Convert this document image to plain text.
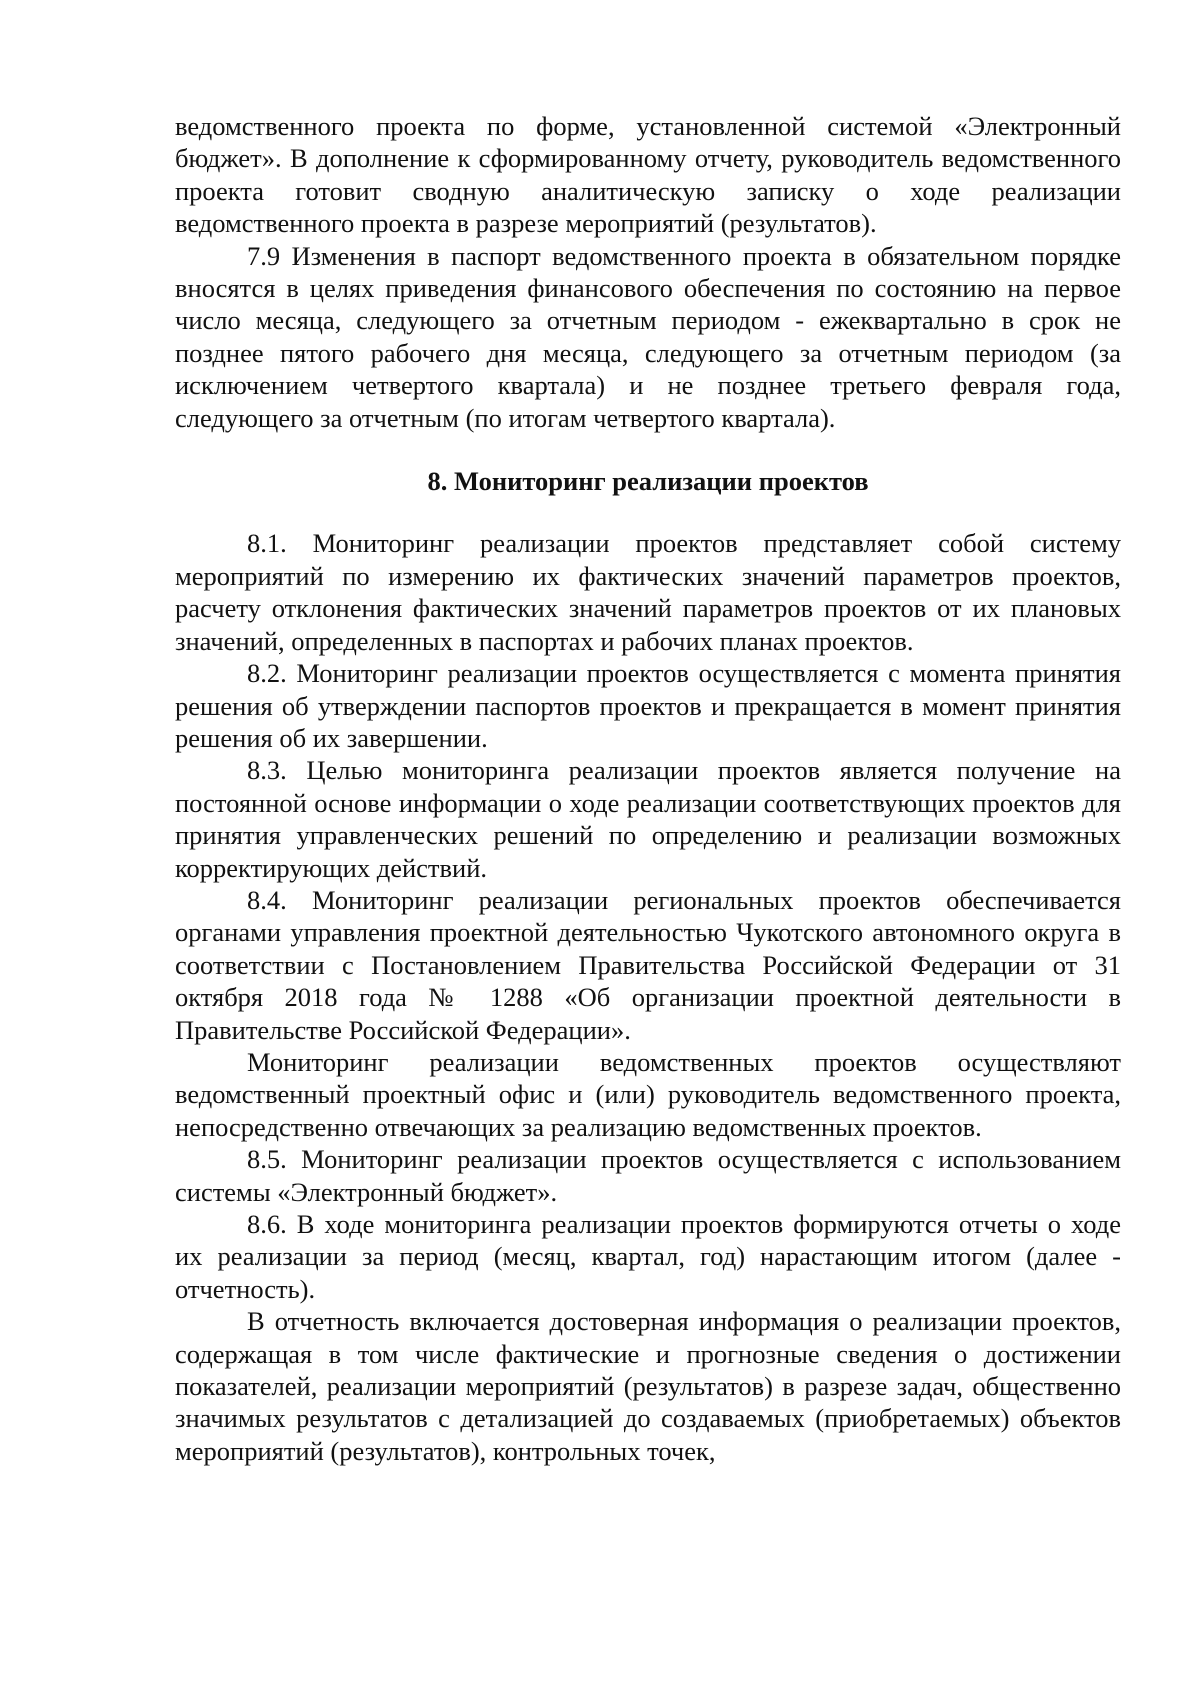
ведомственного проекта по форме, установленной системой «Электронный бюджет». В дополнение к сформированному отчету, руководитель ведомственного проекта готовит сводную аналитическую записку о ходе реализации ведомственного проекта в разрезе мероприятий (результатов).

7.9 Изменения в паспорт ведомственного проекта в обязательном порядке вносятся в целях приведения финансового обеспечения по состоянию на первое число месяца, следующего за отчетным периодом - ежеквартально в срок не позднее пятого рабочего дня месяца, следующего за отчетным периодом (за исключением четвертого квартала) и не позднее третьего февраля года, следующего за отчетным (по итогам четвертого квартала).

8. Мониторинг реализации проектов

8.1. Мониторинг реализации проектов представляет собой систему мероприятий по измерению их фактических значений параметров проектов, расчету отклонения фактических значений параметров проектов от их плановых значений, определенных в паспортах и рабочих планах проектов.

8.2. Мониторинг реализации проектов осуществляется с момента принятия решения об утверждении паспортов проектов и прекращается в момент принятия решения об их завершении.

8.3. Целью мониторинга реализации проектов является получение на постоянной основе информации о ходе реализации соответствующих проектов для принятия управленческих решений по определению и реализации возможных корректирующих действий.

8.4. Мониторинг реализации региональных проектов обеспечивается органами управления проектной деятельностью Чукотского автономного округа в соответствии с Постановлением Правительства Российской Федерации от 31 октября 2018 года № 1288 «Об организации проектной деятельности в Правительстве Российской Федерации».

Мониторинг реализации ведомственных проектов осуществляют ведомственный проектный офис и (или) руководитель ведомственного проекта, непосредственно отвечающих за реализацию ведомственных проектов.

8.5. Мониторинг реализации проектов осуществляется с использованием системы «Электронный бюджет».

8.6. В ходе мониторинга реализации проектов формируются отчеты о ходе их реализации за период (месяц, квартал, год) нарастающим итогом (далее - отчетность).

В отчетность включается достоверная информация о реализации проектов, содержащая в том числе фактические и прогнозные сведения о достижении показателей, реализации мероприятий (результатов) в разрезе задач, общественно значимых результатов с детализацией до создаваемых (приобретаемых) объектов мероприятий (результатов), контрольных точек,
